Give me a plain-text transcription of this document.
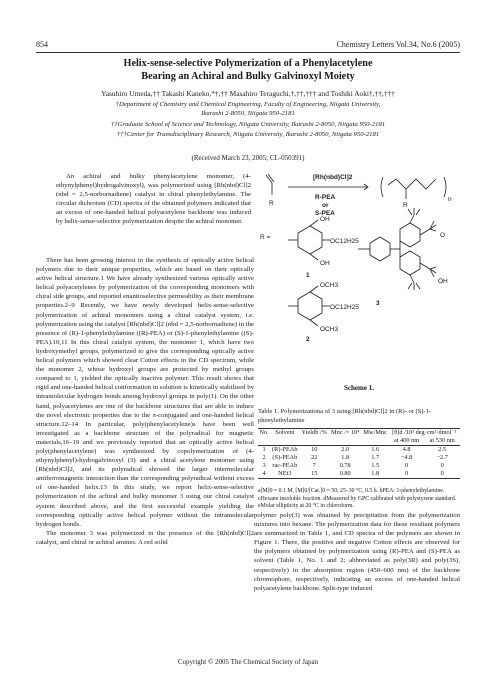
854	Chemistry Letters Vol.34, No.6 (2005)
Helix-sense-selective Polymerization of a Phenylacetylene
Bearing an Achiral and Bulky Galvinoxyl Moiety
Yasuhiro Umeda,†† Takashi Kaneko,*†,†† Masahiro Teraguchi,†,††,††† and Toshiki Aoki†,††,†††
†Department of Chemistry and Chemical Engineering, Faculty of Engineering, Niigata University,
Ikarashi 2-8050, Niigata 950-2181
††Graduate School of Science and Technology, Niigata University, Ikarashi 2-8050, Niigata 950-2181
†††Center for Transdisciplinary Research, Niigata University, Ikarashi 2-8050, Niigata 950-2181
(Received March 23, 2005; CL-050391)

An achiral and bulky phenylacetylene monomer, (4-ethynylphenyl)hydrogalvinoxyl), was polymerized using [Rh(nbd)Cl]2 (nbd = 2,5-norbornadiene) catalyst in chiral phenylethylamine. The circular dichroism (CD) spectra of the obtained polymers indicated that an excess of one-handed helical polyacetylene backbone was induced by helix-sense-selective polymerization despite the achiral monomer.

There has been growing interest in the synthesis of optically active helical polymers due to their unique properties, which are based on their optically active helical structure.1 We have already synthesized various optically active helical polyacetylenes by polymerization of the corresponding monomers with chiral side groups, and reported enantioselective permeability as their membrane properties.2–9 Recently, we have newly developed helix-sense-selective polymerization of achiral monomers using a chiral catalyst system, i.e. polymerization using the catalyst [Rh(nbd)Cl]2 (nbd = 2,5-norbornadiene) in the presence of (R)-1-phenylethylamine ((R)-PEA) or (S)-1-phenylethylamine ((S)-PEA).10,11 In this chiral catalyst system, the monomer 1, which have two hydroxymethyl groups, polymerized to give the corresponding optically active helical polymers which showed clear Cotton effects in the CD spectrum, while the monomer 2, whose hydroxyl groups are protected by methyl groups compared to 1, yielded the optically inactive polymer. This result shows that rigid and one-handed helical conformation in solution is kinetically stabilized by intramolecular hydrogen bonds among hydroxyl groups in poly(1). On the other hand, polyacetylenes are one of the backbone structures that are able to induce the novel electronic properties due to the π-conjugated and one-handed helical structure.12–14 In particular, poly(phenylacetylene)s have been well investigated as a backbone structure of the polyradical for magnetic materials,16–19 and we previously reported that an optically active helical poly(phenylacetylene) was synthesized by copolymerization of (4-ethynylphenyl)-hydrogalvinoxyl (3) and a chiral acetylene monomer using [Rh(nbd)Cl]2, and its polyradical showed the larger intermolecular antiferromagnetic interaction than the corresponding polyradical without excess of one-handed helix.13 In this study, we report helix-sense-selective polymerization of the achiral and bulky monomer 3 using our chiral catalyst system described above, and the first successful example yielding the corresponding optically active helical polymer without the intramolecular hydrogen bonds.

The monomer 3 was polymerized in the presence of the [Rh(nbd)Cl]2 catalyst, and chiral or achiral amines. A red solid

[Rh(nbd)Cl]2
R-PEA
or
S-PEA
R	R
n
R =
OH
OC12H25
OH
1
OCH3
OC12H25
OCH3
2
O
OH
3
Scheme 1.
Table 1. Polymerizationa of 3 using [Rh(nbd)Cl]2 in (R)- or (S)-1-phenylethylamine
No.	Solvent	Yieldb /%	Mnc /× 10⁴	Mw/Mnc	[θ]d /10³ deg·cm²·dmol⁻¹	
					at 400 nm	at 530 nm
1	(R)-PEAb	10	2.0	1.6	4.8	2.5
2	(S)-PEAb	22	1.8	1.7	−4.8	−2.7
3	rac-PEAb	7	0.78	1.5	0	0
4	NEt3	15	0.80	1.8	0	0
a[M]0 = 0.1 M, [M]0/[Cat.]0 = 50, 25–30 °C, 0.5 h. bPEA: 1-phenylethylamine. cHexane insoluble fraction. dMeasured by GPC calibrated with polystyrene standard. eMolar ellipticity at 20 °C in chloroform.

polymer poly(3) was obtained by precipitation from the polymerization mixtures into hexane. The polymerization data for these resultant polymers are summarized in Table 1, and CD spectra of the polymers are shown in Figure 1. There, the positive and negative Cotton effects are observed for the polymers obtained by polymerization using (R)-PEA and (S)-PEA as solvent (Table 1, No. 1 and 2; abbreviated as poly(3R) and poly(3S), respectively) in the absorption region (450–600 nm) of the backbone chromophore, respectively, indicating an excess of one-handed helical polyacetylene backbone. Split-type induced

Copyright © 2005 The Chemical Society of Japan
